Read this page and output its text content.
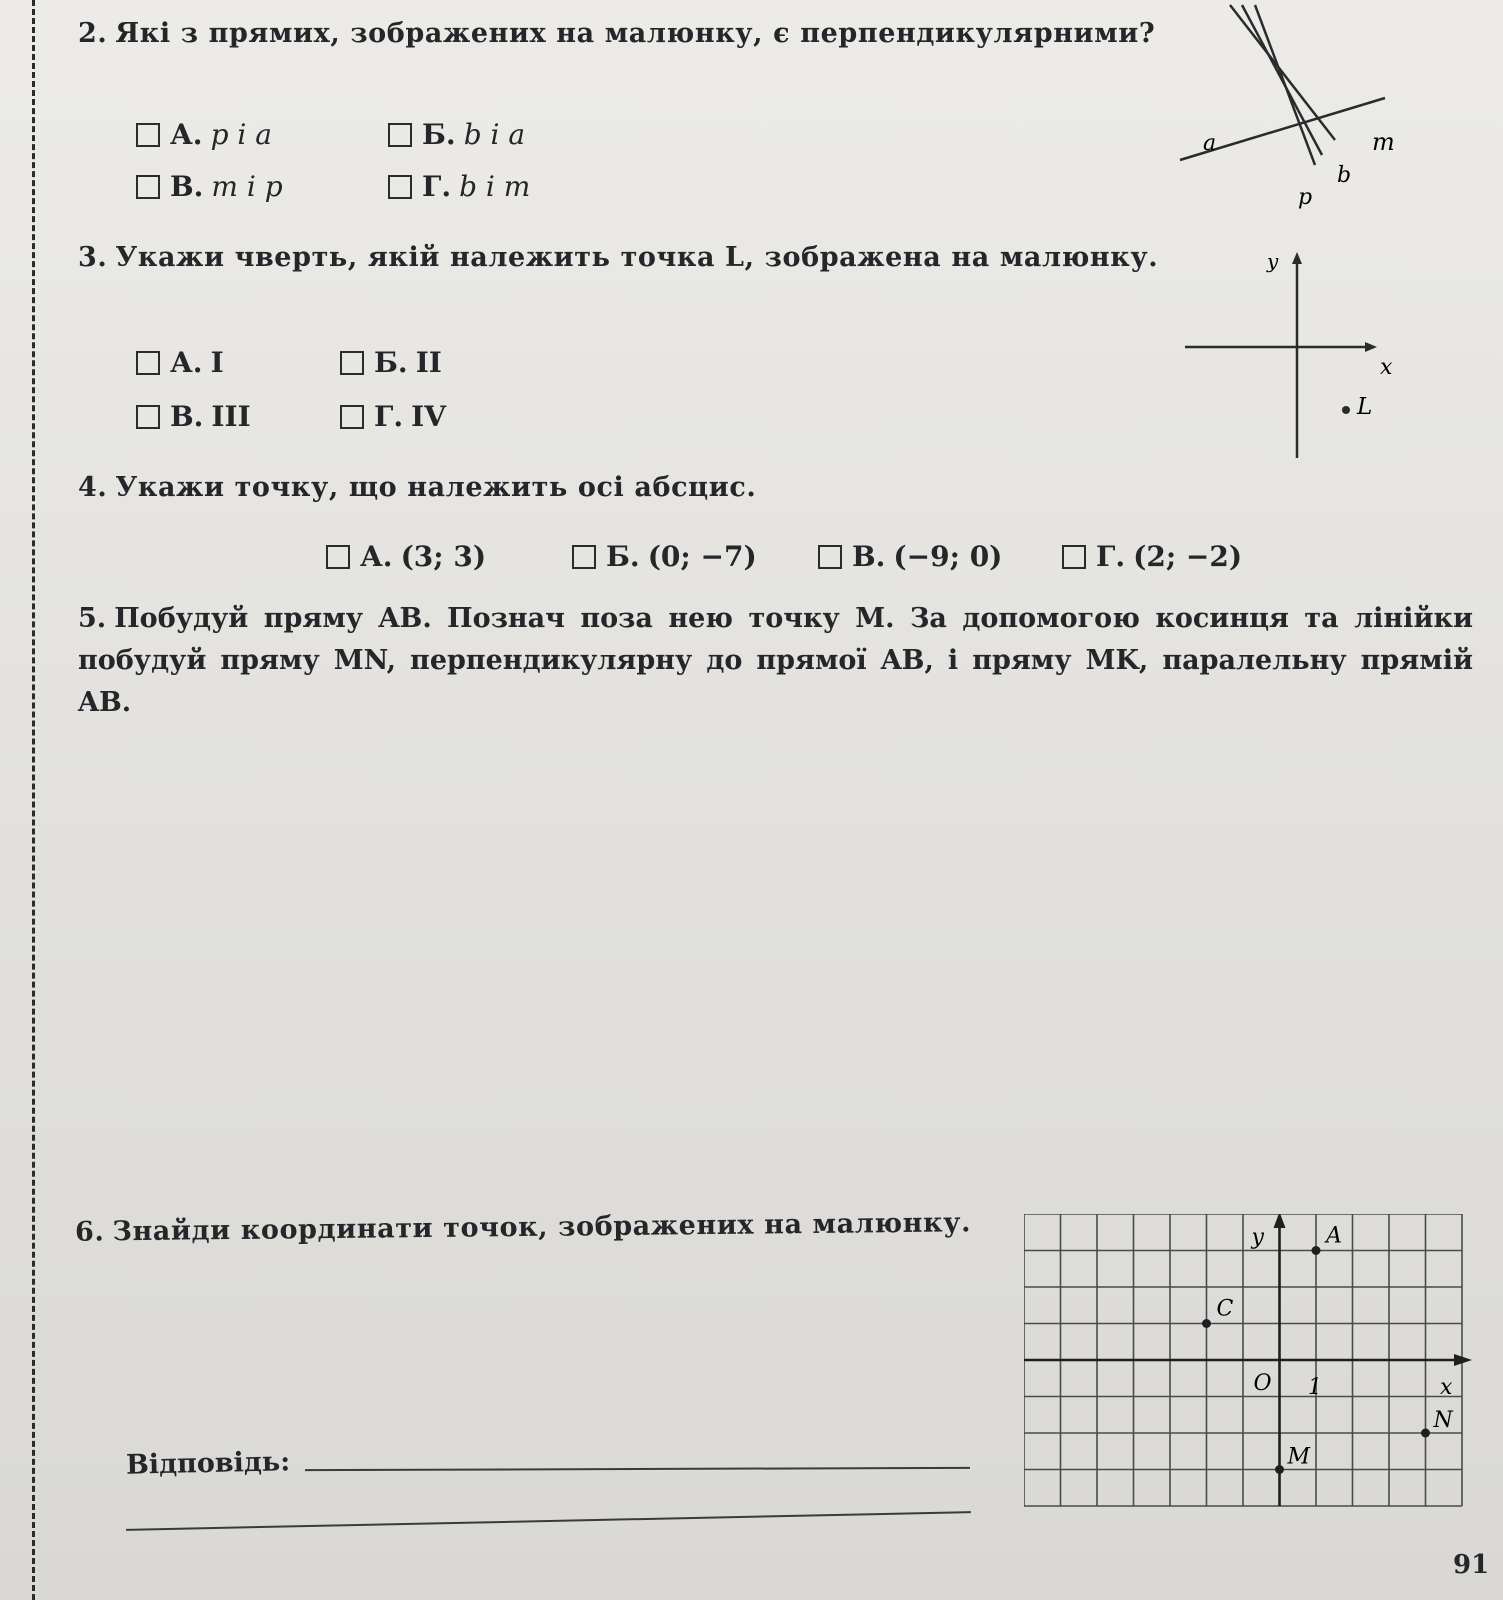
2. Які з прямих, зображених на малюнку, є перпендикулярними?
А. p і a	Б. b і a
В. m і p	Г. b і m
a	m
b
p
3. Укажи чверть, якій належить точка L, зображена на малюнку.
А. I	Б. II
В. III	Г. IV
y
x
L
4. Укажи точку, що належить осі абсцис.
А. (3; 3)	Б. (0; −7)	В. (−9; 0)	Г. (2; −2)
5. Побудуй пряму AB. Познач поза нею точку M. За допомогою косинця та лінійки побудуй пряму MN, перпендикулярну до прямої AB, і пряму MK, паралельну прямій AB.
6. Знайди координати точок, зображених на малюнку.
Відповідь:
y
x
O 1
A
C
M
N
91
